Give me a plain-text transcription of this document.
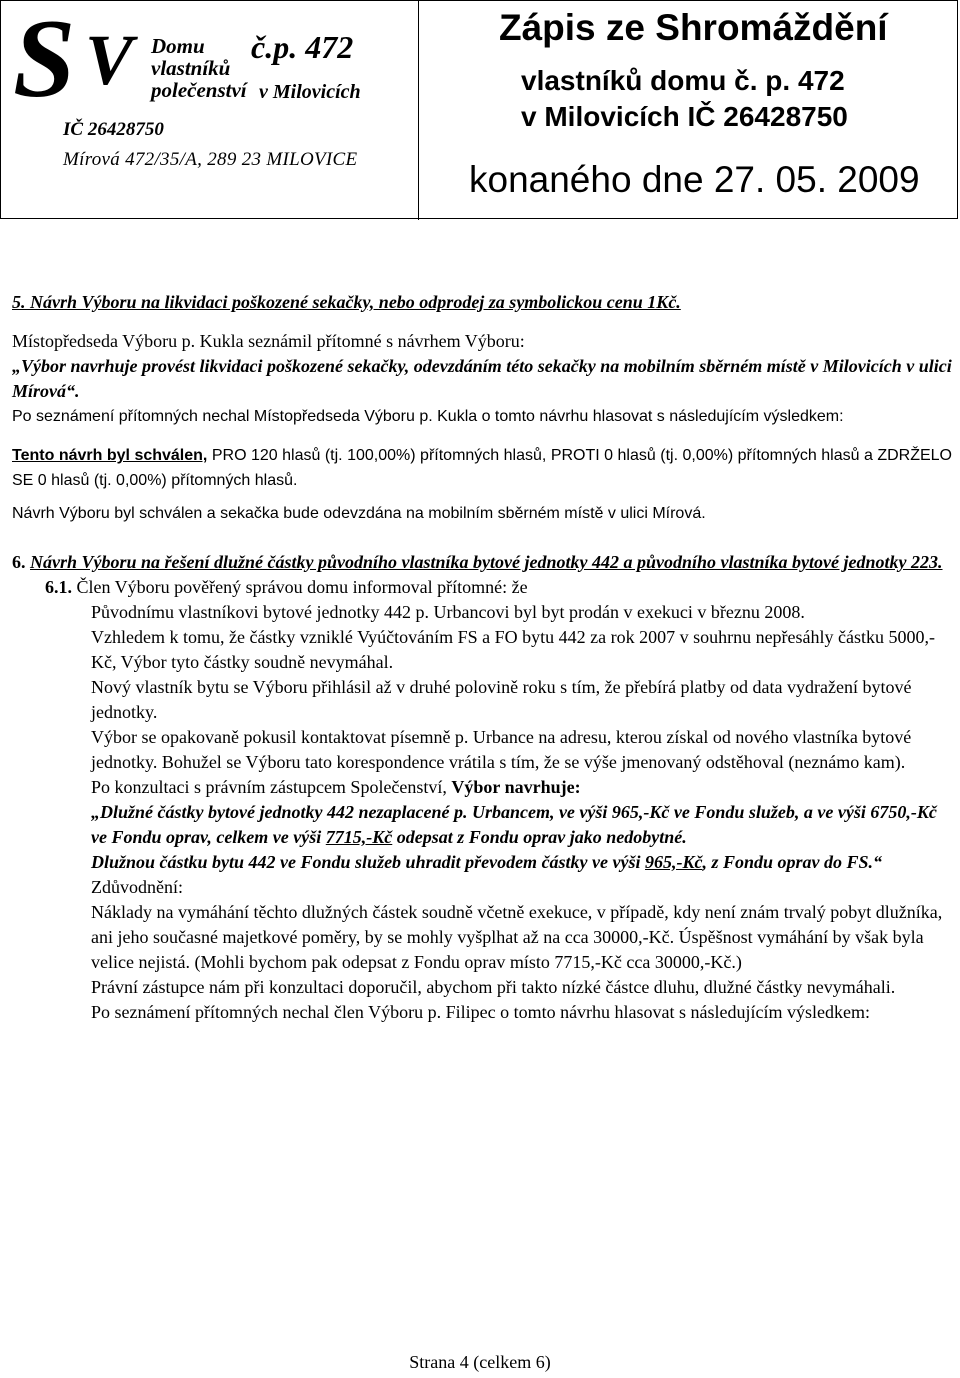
S V Domu
vlastníků
polečenství
č.p. 472
v Milovicích
IČ 26428750
Mírová 472/35/A, 289 23 MILOVICE
Zápis ze Shromáždění
vlastníků domu č. p. 472
v Milovicích IČ 26428750
konaného dne 27. 05. 2009

5. Návrh Výboru na likvidaci poškozené sekačky, nebo odprodej za symbolickou cenu 1Kč.

Místopředseda Výboru p. Kukla seznámil přítomné s návrhem Výboru:

„Výbor navrhuje provést likvidaci poškozené sekačky, odevzdáním této sekačky na mobilním sběrném místě v Milovicích v ulici Mírová“.

Po seznámení přítomných nechal Místopředseda Výboru p. Kukla o tomto návrhu hlasovat s následujícím výsledkem:

Tento návrh byl schválen, PRO 120 hlasů (tj. 100,00%) přítomných hlasů, PROTI 0 hlasů (tj. 0,00%) přítomných hlasů a ZDRŽELO SE 0 hlasů (tj. 0,00%) přítomných hlasů.

Návrh Výboru byl schválen a sekačka bude odevzdána na mobilním sběrném místě v ulici Mírová.

6. Návrh Výboru na řešení dlužné částky původního vlastníka bytové jednotky 442 a původního vlastníka bytové jednotky 223.

6.1. Člen Výboru pověřený správou domu informoval přítomné: že

Původnímu vlastníkovi bytové jednotky 442 p. Urbancovi byl byt prodán v exekuci v březnu 2008.

Vzhledem k tomu, že částky vzniklé Vyúčtováním FS a FO bytu 442 za rok 2007 v souhrnu nepřesáhly částku 5000,-Kč, Výbor tyto částky soudně nevymáhal.

Nový vlastník bytu se Výboru přihlásil až v druhé polovině roku s tím, že přebírá platby od data vydražení bytové jednotky.

Výbor se opakovaně pokusil kontaktovat písemně p. Urbance na adresu, kterou získal od nového vlastníka bytové jednotky. Bohužel se Výboru tato korespondence vrátila s tím, že se výše jmenovaný odstěhoval (neznámo kam).

Po konzultaci s právním zástupcem Společenství, Výbor navrhuje:

„Dlužné částky bytové jednotky 442 nezaplacené p. Urbancem, ve výši 965,-Kč ve Fondu služeb, a ve výši 6750,-Kč ve Fondu oprav, celkem ve výši 7715,-Kč odepsat z Fondu oprav jako nedobytné.

Dlužnou částku bytu 442 ve Fondu služeb uhradit převodem částky ve výši 965,-Kč, z Fondu oprav do FS.“

Zdůvodnění:

Náklady na vymáhání těchto dlužných částek soudně včetně exekuce, v případě, kdy není znám trvalý pobyt dlužníka, ani jeho současné majetkové poměry, by se mohly vyšplhat až na cca 30000,-Kč. Úspěšnost vymáhání by však byla velice nejistá. (Mohli bychom pak odepsat z Fondu oprav místo 7715,-Kč cca 30000,-Kč.)

Právní zástupce nám při konzultaci doporučil, abychom při takto nízké částce dluhu, dlužné částky nevymáhali.

Po seznámení přítomných nechal člen Výboru p. Filipec o tomto návrhu hlasovat s následujícím výsledkem:

Strana 4 (celkem 6)
